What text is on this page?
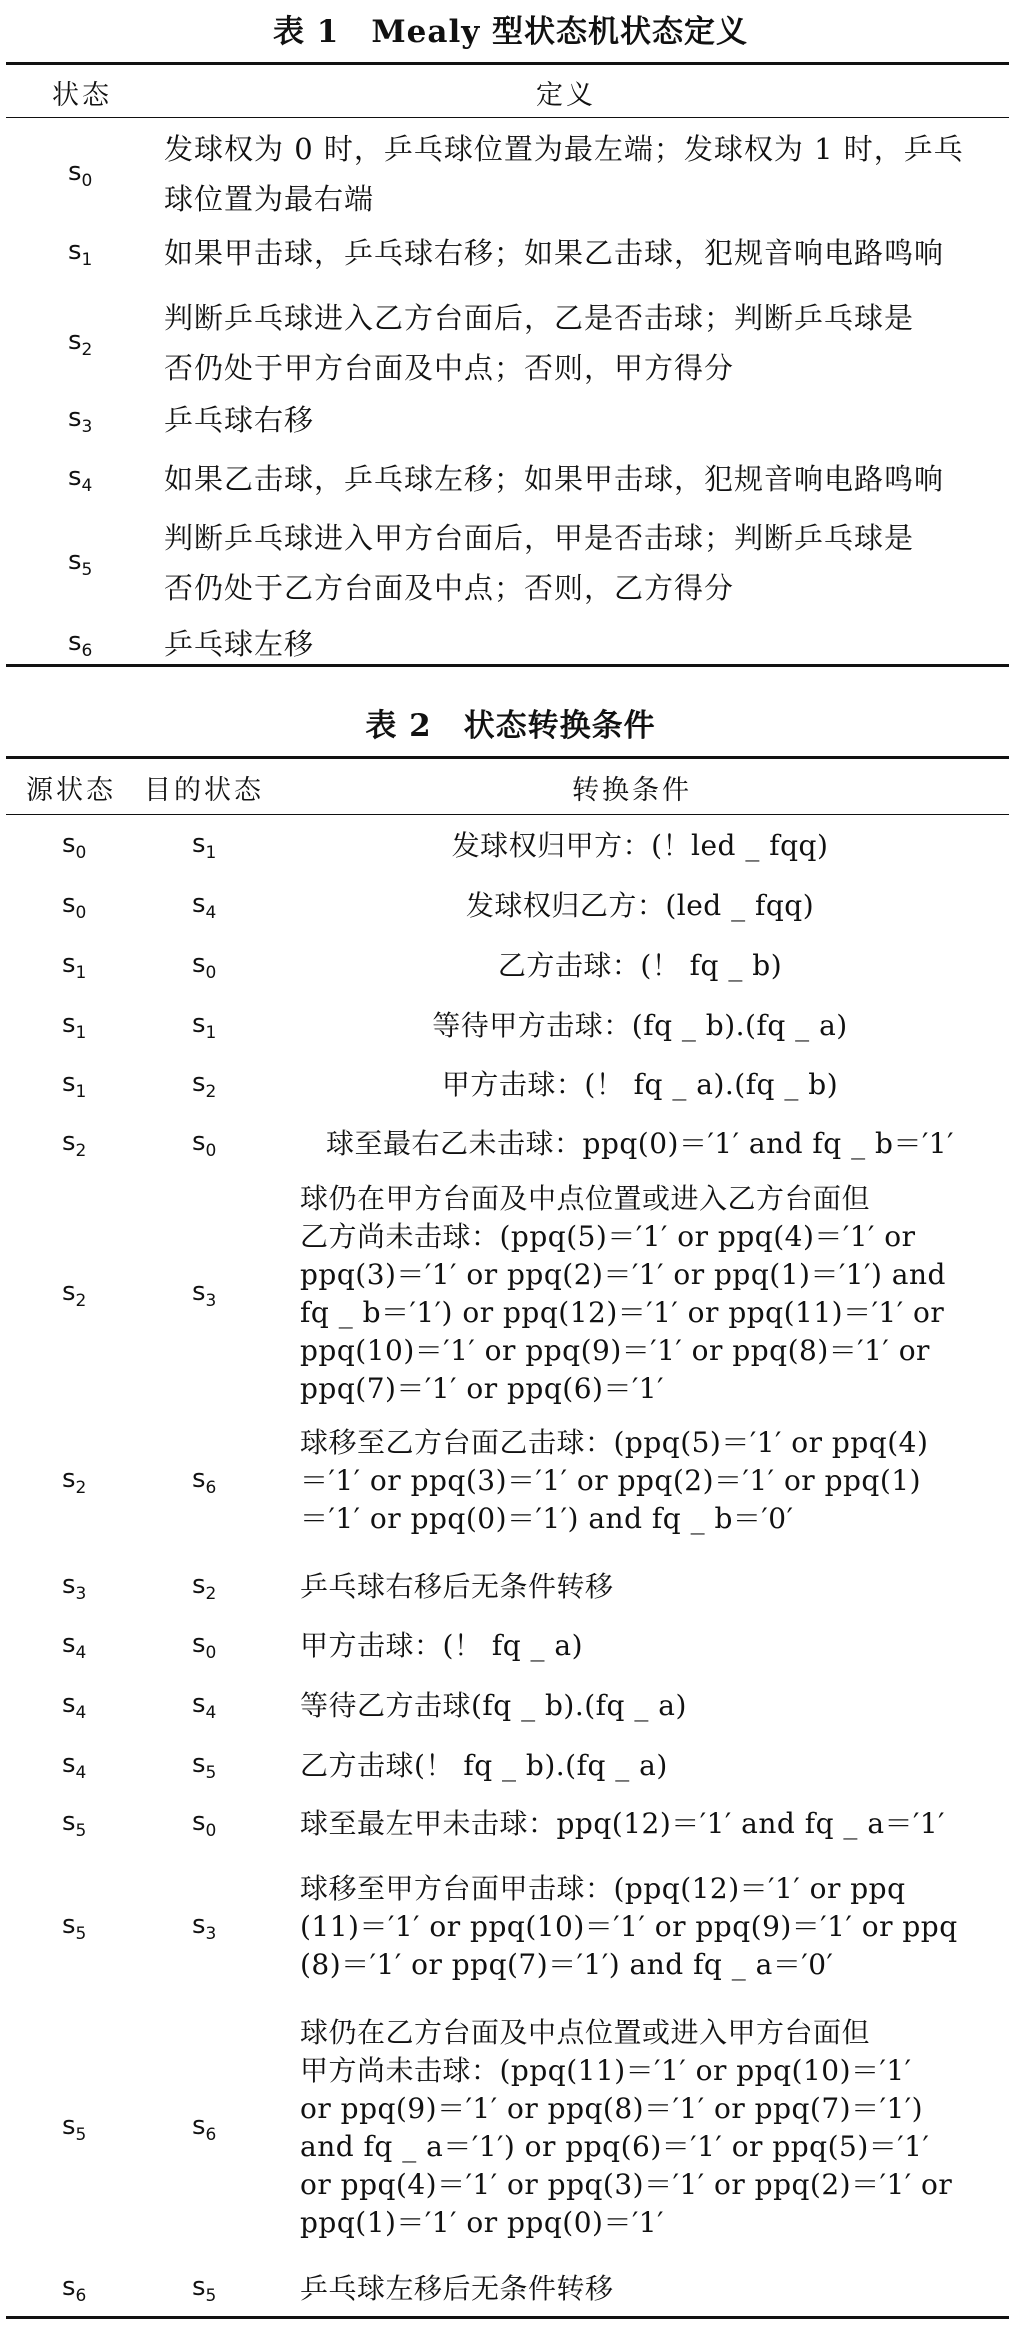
表 1　Mealy 型状态机状态定义
状态	定义
$s_0$
发球权为 0 时，乒乓球位置为最左端；发球权为 1 时，乒乓
球位置为最右端
$s_1$ 如果甲击球，乒乓球右移；如果乙击球，犯规音响电路鸣响
$s_2$
判断乒乓球进入乙方台面后，乙是否击球；判断乒乓球是
否仍处于甲方台面及中点；否则，甲方得分
$s_3$ 乒乓球右移
$s_4$ 如果乙击球，乒乓球左移；如果甲击球，犯规音响电路鸣响
$s_5$
判断乒乓球进入甲方台面后，甲是否击球；判断乒乓球是
否仍处于乙方台面及中点；否则，乙方得分
$s_6$ 乒乓球左移
表 2　状态转换条件
源状态 目的状态	转换条件
$s_0$	$s_1$	发球权归甲方：(！led _ fqq)
$s_0$	$s_4$	发球权归乙方：(led _ fqq)
$s_1$	$s_0$	乙方击球：(！ fq _ b)
$s_1$	$s_1$	等待甲方击球：(fq _ b).(fq _ a)
$s_1$	$s_2$	甲方击球：(！ fq _ a).(fq _ b)
$s_2$	$s_0$	球至最右乙未击球：ppq(0)＝′1′ and fq _ b＝′1′
$s_2$	$s_3$
球仍在甲方台面及中点位置或进入乙方台面但
乙方尚未击球：(ppq(5)＝′1′ or ppq(4)＝′1′ or
ppq(3)＝′1′ or ppq(2)＝′1′ or ppq(1)＝′1′) and
fq _ b＝′1′) or ppq(12)＝′1′ or ppq(11)＝′1′ or
ppq(10)＝′1′ or ppq(9)＝′1′ or ppq(8)＝′1′ or
ppq(7)＝′1′ or ppq(6)＝′1′
$s_2$	$s_6$
球移至乙方台面乙击球：(ppq(5)＝′1′ or ppq(4)
＝′1′ or ppq(3)＝′1′ or ppq(2)＝′1′ or ppq(1)
＝′1′ or ppq(0)＝′1′) and fq _ b＝′0′
$s_3$	$s_2$	乒乓球右移后无条件转移
$s_4$	$s_0$	甲方击球：(！ fq _ a)
$s_4$	$s_4$	等待乙方击球(fq _ b).(fq _ a)
$s_4$	$s_5$	乙方击球(！ fq _ b).(fq _ a)
$s_5$	$s_0$	球至最左甲未击球：ppq(12)＝′1′ and fq _ a＝′1′
$s_5$	$s_3$
球移至甲方台面甲击球：(ppq(12)＝′1′ or ppq
(11)＝′1′ or ppq(10)＝′1′ or ppq(9)＝′1′ or ppq
(8)＝′1′ or ppq(7)＝′1′) and fq _ a＝′0′
$s_5$	$s_6$
球仍在乙方台面及中点位置或进入甲方台面但
甲方尚未击球：(ppq(11)＝′1′ or ppq(10)＝′1′
or ppq(9)＝′1′ or ppq(8)＝′1′ or ppq(7)＝′1′)
and fq _ a＝′1′) or ppq(6)＝′1′ or ppq(5)＝′1′
or ppq(4)＝′1′ or ppq(3)＝′1′ or ppq(2)＝′1′ or
ppq(1)＝′1′ or ppq(0)＝′1′
$s_6$	$s_5$	乒乓球左移后无条件转移
